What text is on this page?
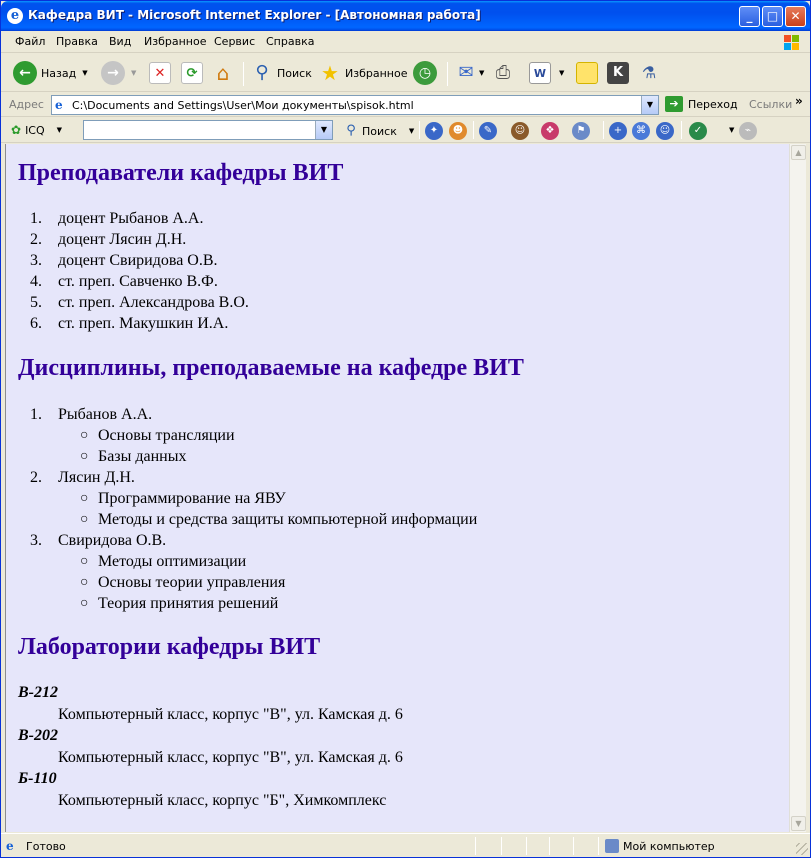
e Кафедра ВИТ - Microsoft Internet Explorer - [Автономная работа]	_	□	✕
Файл Правка Вид Избранное Сервис Справка
← Назад ▼	→	▼	✕	⟳ ⌂ ⚲ Поиск ★ Избранное ◷	✉ ▼ ⎙	W	▼	K	⚗
Адрес e C:\Documents and Settings\User\Мои документы\spisok.html	▼	➔ Переход Ссылки »
✿ ICQ ▼	▼	⚲ Поиск ▼	✦	☻	✎	☺	❖	⚑	+	⌘	☺	✓	▼	⌁
Преподаватели кафедры ВИТ
1.	доцент Рыбанов А.А.
2.	доцент Лясин Д.Н.
3.	доцент Свиридова О.В.
4.	ст. преп. Савченко В.Ф.
5.	ст. преп. Александрова В.О.
6.	ст. преп. Макушкин И.А.
Дисциплины, преподаваемые на кафедре ВИТ
1.	Рыбанов А.А.
○ Основы трансляции
○ Базы данных
2.	Лясин Д.Н.
○ Программирование на ЯВУ
○ Методы и средства защиты компьютерной информации
3.	Свиридова О.В.
○ Методы оптимизации
○ Основы теории управления
○ Теория принятия решений
Лаборатории кафедры ВИТ
В-212
Компьютерный класс, корпус "В", ул. Камская д. 6
В-202
Компьютерный класс, корпус "В", ул. Камская д. 6
Б-110
Компьютерный класс, корпус "Б", Химкомплекс
▲
▼
e	Готово	Мой компьютер
